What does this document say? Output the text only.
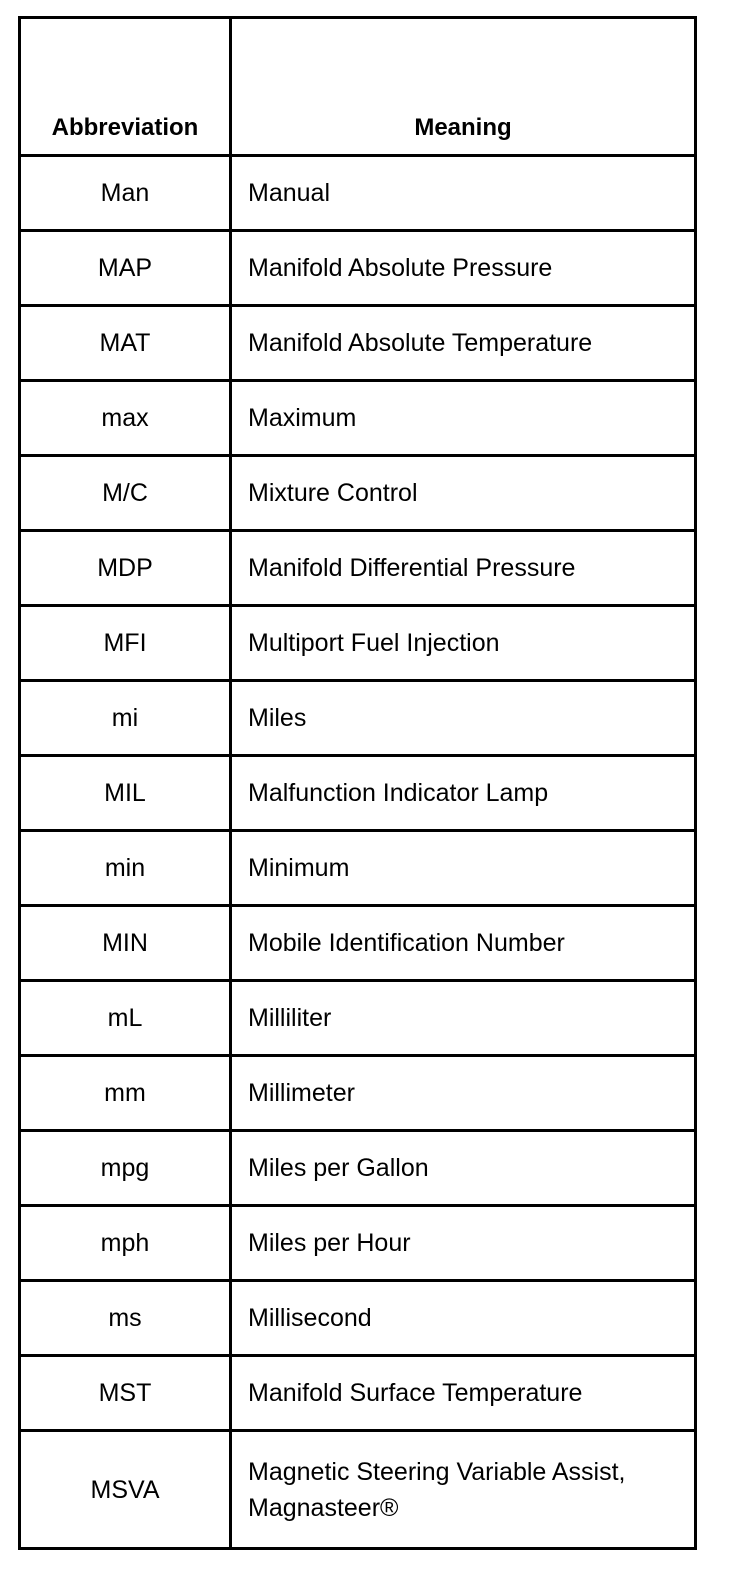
Abbreviation	Meaning
Man	Manual
MAP	Manifold Absolute Pressure
MAT	Manifold Absolute Temperature
max	Maximum
M/C	Mixture Control
MDP	Manifold Differential Pressure
MFI	Multiport Fuel Injection
mi	Miles
MIL	Malfunction Indicator Lamp
min	Minimum
MIN	Mobile Identification Number
mL	Milliliter
mm	Millimeter
mpg	Miles per Gallon
mph	Miles per Hour
ms	Millisecond
MST	Manifold Surface Temperature
MSVA	Magnetic Steering Variable Assist, Magnasteer®
